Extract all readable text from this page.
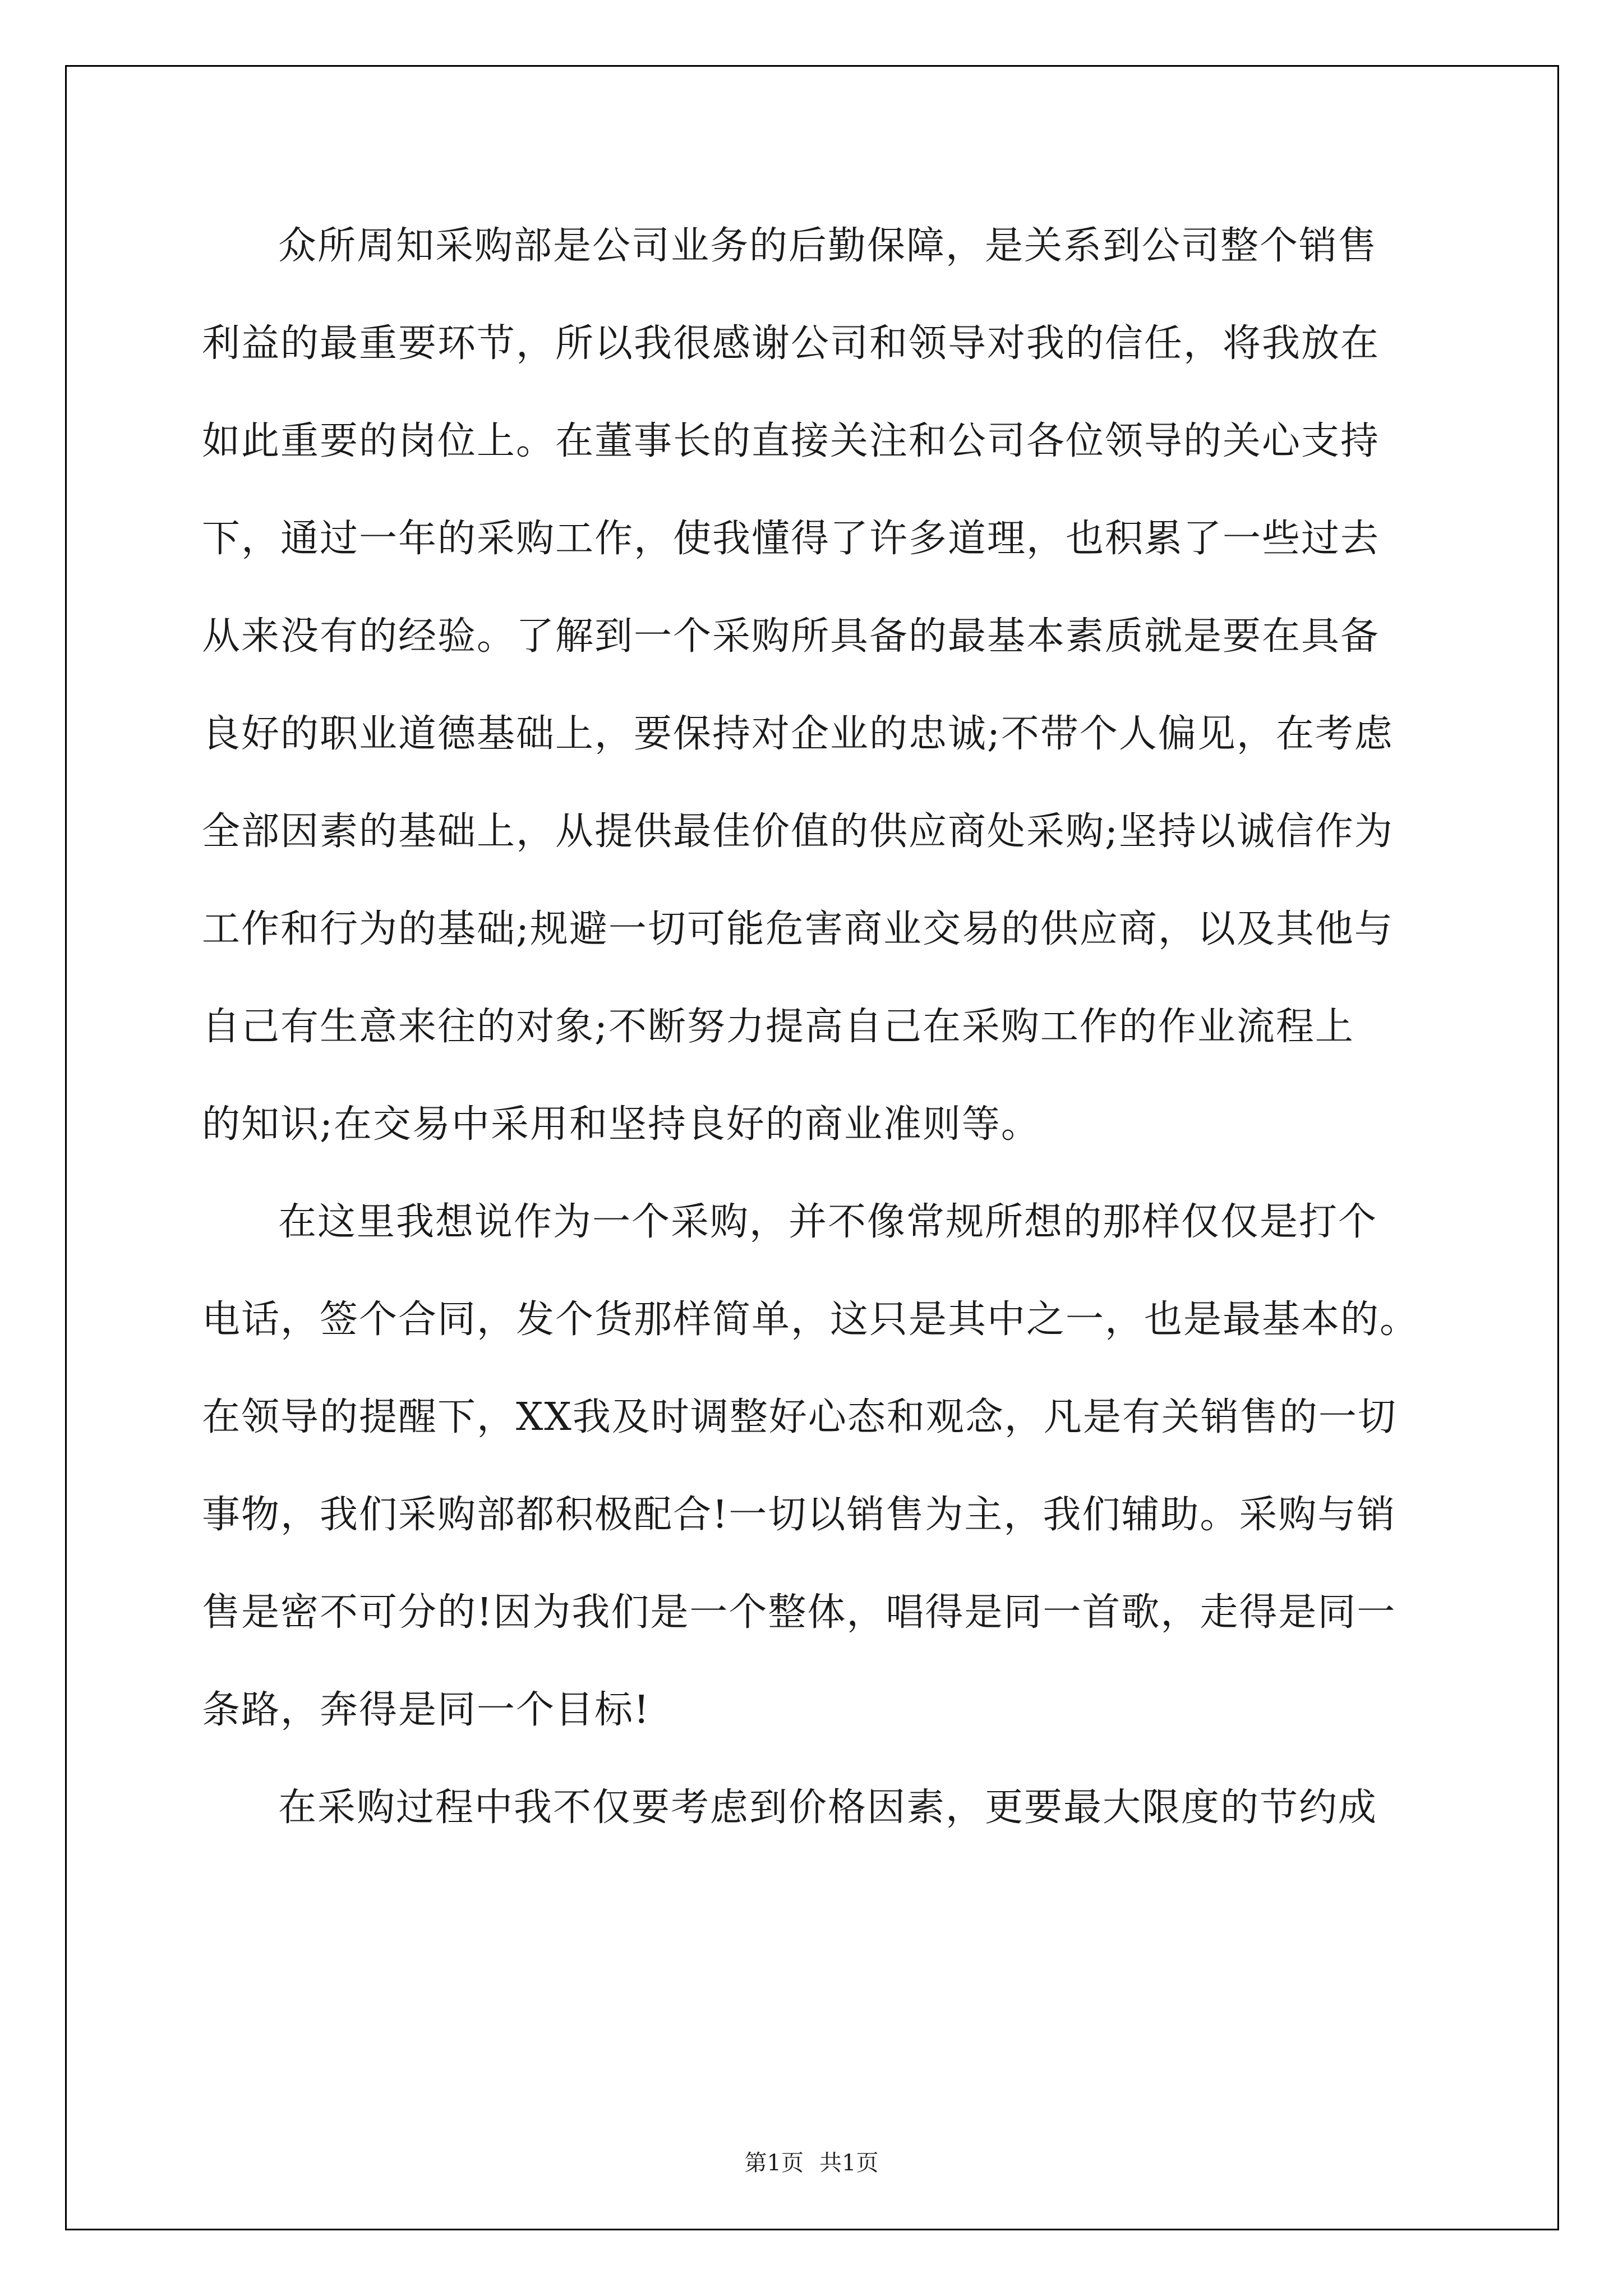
众所周知采购部是公司业务的后勤保障，是关系到公司整个销售
利益的最重要环节，所以我很感谢公司和领导对我的信任，将我放在
如此重要的岗位上。在董事长的直接关注和公司各位领导的关心支持
下，通过一年的采购工作，使我懂得了许多道理，也积累了一些过去
从来没有的经验。了解到一个采购所具备的最基本素质就是要在具备
良好的职业道德基础上，要保持对企业的忠诚;不带个人偏见，在考虑
全部因素的基础上，从提供最佳价值的供应商处采购;坚持以诚信作为
工作和行为的基础;规避一切可能危害商业交易的供应商，以及其他与
自己有生意来往的对象;不断努力提高自己在采购工作的作业流程上
的知识;在交易中采用和坚持良好的商业准则等。
在这里我想说作为一个采购，并不像常规所想的那样仅仅是打个
电话，签个合同，发个货那样简单，这只是其中之一，也是最基本的。
在领导的提醒下，XX我及时调整好心态和观念，凡是有关销售的一切
事物，我们采购部都积极配合!一切以销售为主，我们辅助。采购与销
售是密不可分的!因为我们是一个整体，唱得是同一首歌，走得是同一
条路，奔得是同一个目标!
在采购过程中我不仅要考虑到价格因素，更要最大限度的节约成
第1页 共1页
